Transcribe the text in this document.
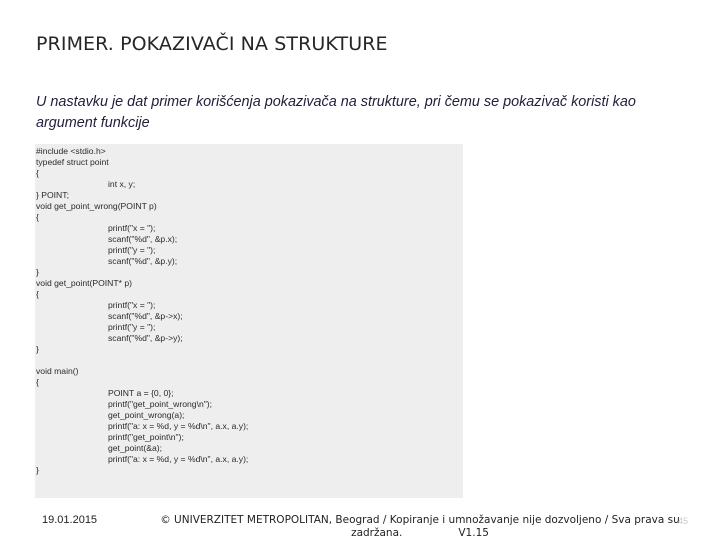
PRIMER. POKAZIVAČI NA STRUKTURE
U nastavku je dat primer korišćenja pokazivača na strukture, pri čemu se pokazivač koristi kao argument funkcije
#include <stdio.h>
typedef struct point
{
int x, y;
} POINT;
void get_point_wrong(POINT p)
{
printf("x = ");
scanf("%d", &p.x);
printf("y = ");
scanf("%d", &p.y);
}
void get_point(POINT* p)
{
printf("x = ");
scanf("%d", &p->x);
printf("y = ");
scanf("%d", &p->y);
}
void main()
{
POINT a = {0, 0};
printf("get_point_wrong\n");
get_point_wrong(a);
printf("a: x = %d, y = %d\n", a.x, a.y);
printf("get_point\n");
get_point(&a);
printf("a: x = %d, y = %d\n", a.x, a.y);
}
19.01.2015	© UNIVERZITET METROPOLITAN, Beograd / Kopiranje i umnožavanje nije dozvoljeno / Sva prava su
zadržana.	V1.15
45
